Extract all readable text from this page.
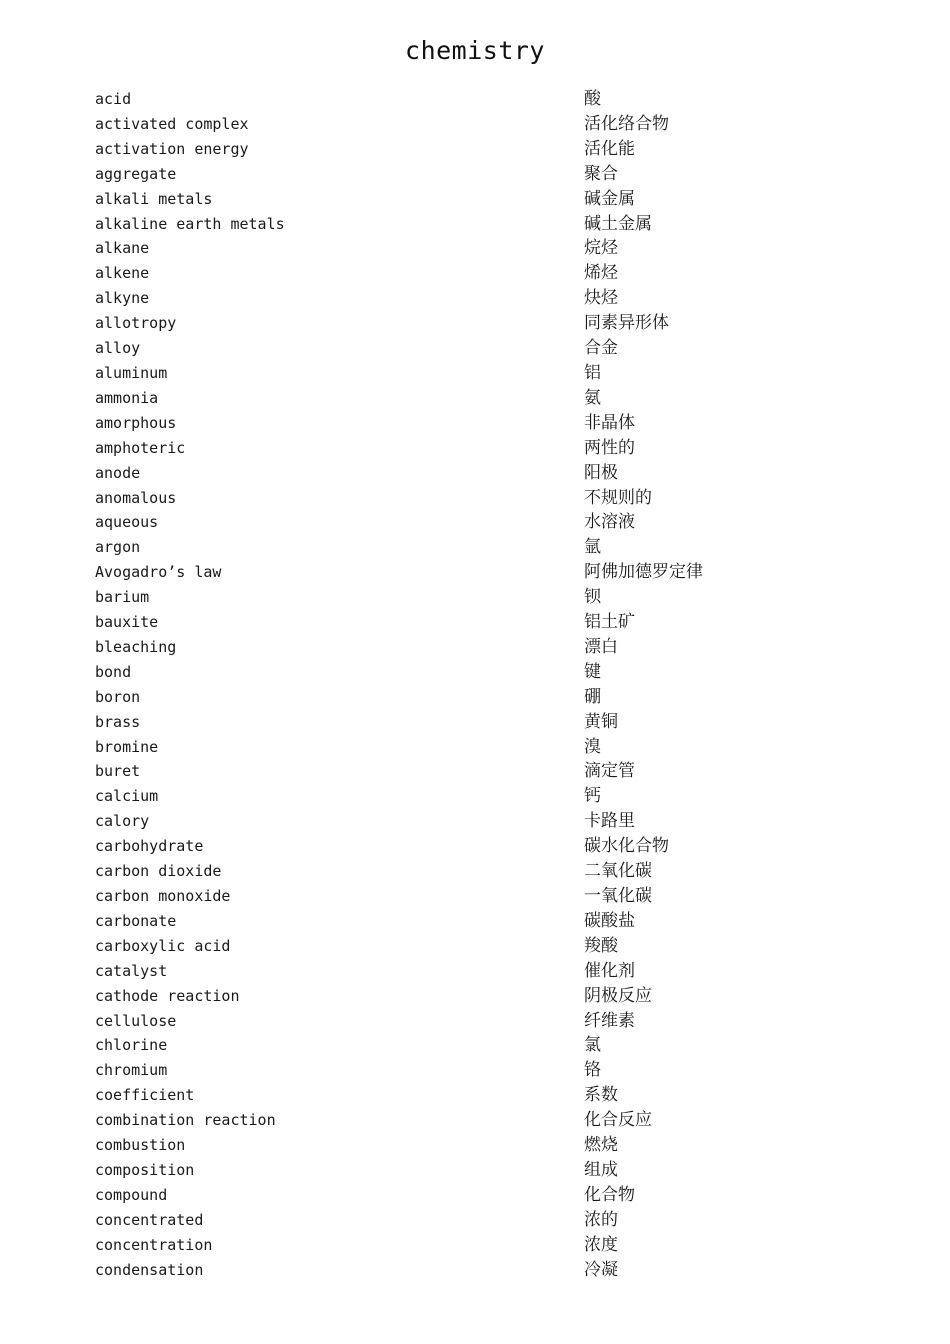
chemistry
acid	酸
activated complex	活化络合物
activation energy	活化能
aggregate	聚合
alkali metals	碱金属
alkaline earth metals	碱土金属
alkane	烷烃
alkene	烯烃
alkyne	炔烃
allotropy	同素异形体
alloy	合金
aluminum	铝
ammonia	氨
amorphous	非晶体
amphoteric	两性的
anode	阳极
anomalous	不规则的
aqueous	水溶液
argon	氩
Avogadro’s law	阿佛加德罗定律
barium	钡
bauxite	铝土矿
bleaching	漂白
bond	键
boron	硼
brass	黄铜
bromine	溴
buret	滴定管
calcium	钙
calory	卡路里
carbohydrate	碳水化合物
carbon dioxide	二氧化碳
carbon monoxide	一氧化碳
carbonate	碳酸盐
carboxylic acid	羧酸
catalyst	催化剂
cathode reaction	阴极反应
cellulose	纤维素
chlorine	氯
chromium	铬
coefficient	系数
combination reaction	化合反应
combustion	燃烧
composition	组成
compound	化合物
concentrated	浓的
concentration	浓度
condensation	冷凝
